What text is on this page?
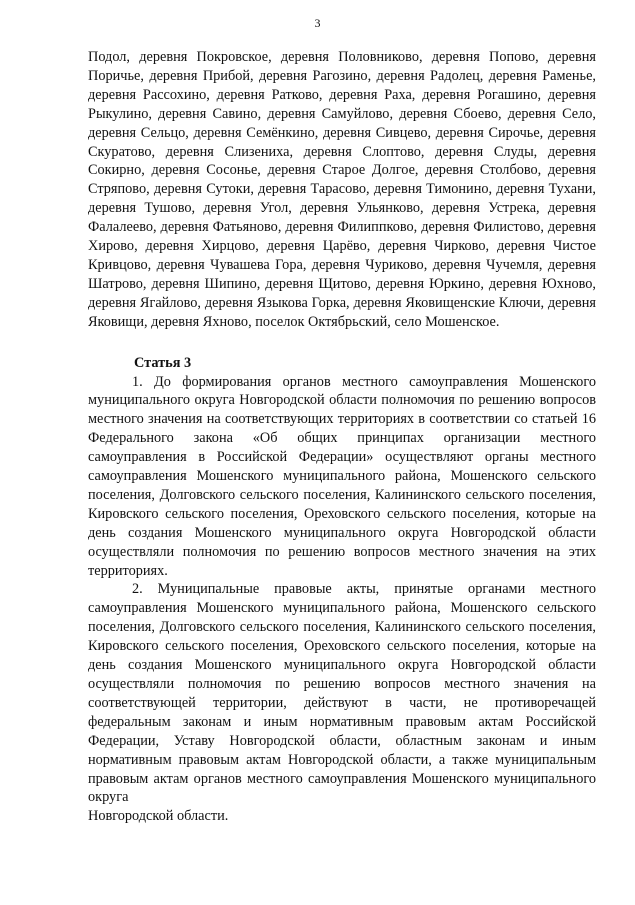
3

Подол, деревня Покровское, деревня Половниково, деревня Попово, деревня Поричье, деревня Прибой, деревня Рагозино, деревня Радолец, деревня Раменье, деревня Рассохино, деревня Ратково, деревня Раха, деревня Рогашино, деревня Рыкулино, деревня Савино, деревня Самуйлово, деревня Сбоево, деревня Село, деревня Сельцо, деревня Семёнкино, деревня Сивцево, деревня Сирочье, деревня Скуратово, деревня Слизениха, деревня Слоптово, деревня Слуды, деревня Сокирно, деревня Сосонье, деревня Старое Долгое, деревня Столбово, деревня Стряпово, деревня Сутоки, деревня Тарасово, деревня Тимонино, деревня Тухани, деревня Тушово, деревня Угол, деревня Ульянково, деревня Устрека, деревня Фалалеево, деревня Фатьяново, деревня Филиппково, деревня Филистово, деревня Хирово, деревня Хирцово, деревня Царёво, деревня Чирково, деревня Чистое Кривцово, деревня Чувашева Гора, деревня Чуриково, деревня Чучемля, деревня Шатрово, деревня Шипино, деревня Щитово, деревня Юркино, деревня Юхново, деревня Ягайлово, деревня Языкова Горка, деревня Яковищенские Ключи, деревня Яковищи, деревня Яхново, поселок Октябрьский, село Мошенское.

Статья 3

1. До формирования органов местного самоуправления Мошенского муниципального округа Новгородской области полномочия по решению вопросов местного значения на соответствующих территориях в соответствии со статьей 16 Федерального закона «Об общих принципах организации местного самоуправления в Российской Федерации» осуществляют органы местного самоуправления Мошенского муниципального района, Мошенского сельского поселения, Долговского сельского поселения, Калининского сельского поселения, Кировского сельского поселения, Ореховского сельского поселения, которые на день создания Мошенского муниципального округа Новгородской области осуществляли полномочия по решению вопросов местного значения на этих территориях.

2. Муниципальные правовые акты, принятые органами местного самоуправления Мошенского муниципального района, Мошенского сельского поселения, Долговского сельского поселения, Калининского сельского поселения, Кировского сельского поселения, Ореховского сельского поселения, которые на день создания Мошенского муниципального округа Новгородской области осуществляли полномочия по решению вопросов местного значения на соответствующей территории, действуют в части, не противоречащей федеральным законам и иным нормативным правовым актам Российской Федерации, Уставу Новгородской области, областным законам и иным нормативным правовым актам Новгородской области, а также муниципальным правовым актам органов местного самоуправления Мошенского муниципального округа

Новгородской области.
